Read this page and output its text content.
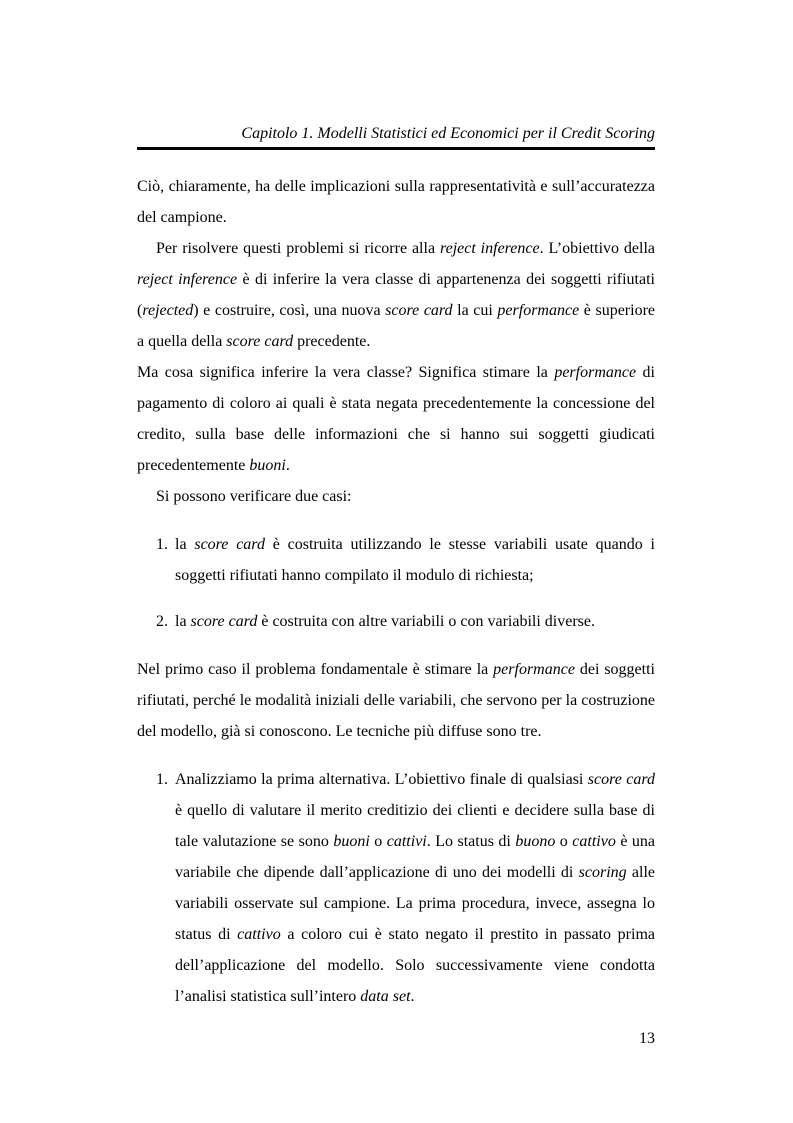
Capitolo 1. Modelli Statistici ed Economici per il Credit Scoring

Ciò, chiaramente, ha delle implicazioni sulla rappresentatività e sull’accuratezza del campione.

Per risolvere questi problemi si ricorre alla reject inference. L’obiettivo della reject inference è di inferire la vera classe di appartenenza dei soggetti rifiutati (rejected) e costruire, così, una nuova score card la cui performance è superiore a quella della score card precedente.

Ma cosa significa inferire la vera classe? Significa stimare la performance di pagamento di coloro ai quali è stata negata precedentemente la concessione del credito, sulla base delle informazioni che si hanno sui soggetti giudicati precedentemente buoni.

Si possono verificare due casi:

1. la score card è costruita utilizzando le stesse variabili usate quando i soggetti rifiutati hanno compilato il modulo di richiesta;
2. la score card è costruita con altre variabili o con variabili diverse.

Nel primo caso il problema fondamentale è stimare la performance dei soggetti rifiutati, perché le modalità iniziali delle variabili, che servono per la costruzione del modello, già si conoscono. Le tecniche più diffuse sono tre.

1. Analizziamo la prima alternativa. L’obiettivo finale di qualsiasi score card è quello di valutare il merito creditizio dei clienti e decidere sulla base di tale valutazione se sono buoni o cattivi. Lo status di buono o cattivo è una variabile che dipende dall’applicazione di uno dei modelli di scoring alle variabili osservate sul campione. La prima procedura, invece, assegna lo status di cattivo a coloro cui è stato negato il prestito in passato prima dell’applicazione del modello. Solo successivamente viene condotta l’analisi statistica sull’intero data set.
13
